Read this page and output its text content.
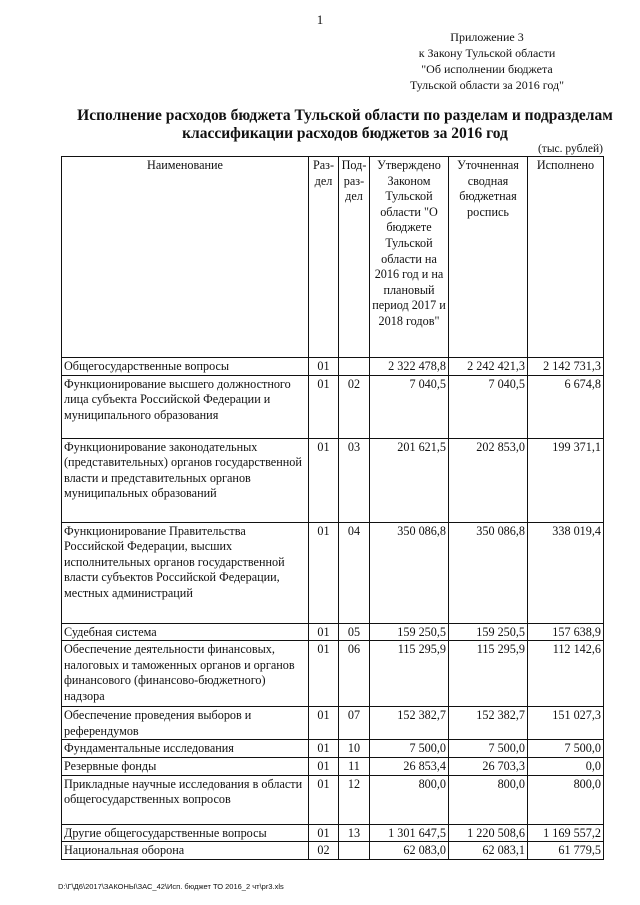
1
Приложение 3
к Закону Тульской области
"Об исполнении бюджета
Тульской области за 2016 год"
Исполнение расходов бюджета Тульской области по разделам и подразделам
классификации расходов бюджетов за 2016 год
(тыс. рублей)
Наименование	Раз-дел	Под-раз-дел	Утверждено Законом Тульской области "О бюджете Тульской области на 2016 год и на плановый период 2017 и 2018 годов"	Уточненная сводная бюджетная роспись	Исполнено
Общегосударственные вопросы	01		2 322 478,8	2 242 421,3	2 142 731,3
Функционирование высшего должностного лица субъекта Российской Федерации и муниципального образования	01	02	7 040,5	7 040,5	6 674,8
Функционирование законодательных (представительных) органов государственной власти и представительных органов муниципальных образований	01	03	201 621,5	202 853,0	199 371,1
Функционирование Правительства Российской Федерации, высших исполнительных органов государственной власти субъектов Российской Федерации, местных администраций	01	04	350 086,8	350 086,8	338 019,4
Судебная система	01	05	159 250,5	159 250,5	157 638,9
Обеспечение деятельности финансовых, налоговых и таможенных органов и органов финансового (финансово-бюджетного) надзора	01	06	115 295,9	115 295,9	112 142,6
Обеспечение проведения выборов и референдумов	01	07	152 382,7	152 382,7	151 027,3
Фундаментальные исследования	01	10	7 500,0	7 500,0	7 500,0
Резервные фонды	01	11	26 853,4	26 703,3	0,0
Прикладные научные исследования в области общегосударственных вопросов	01	12	800,0	800,0	800,0
Другие общегосударственные вопросы	01	13	1 301 647,5	1 220 508,6	1 169 557,2
Национальная оборона	02		62 083,0	62 083,1	61 779,5
D:\Г\Д6\2017\ЗАКОНЫ\ЗАС_42\Исп. бюджет ТО 2016_2 чт\pr3.xls
